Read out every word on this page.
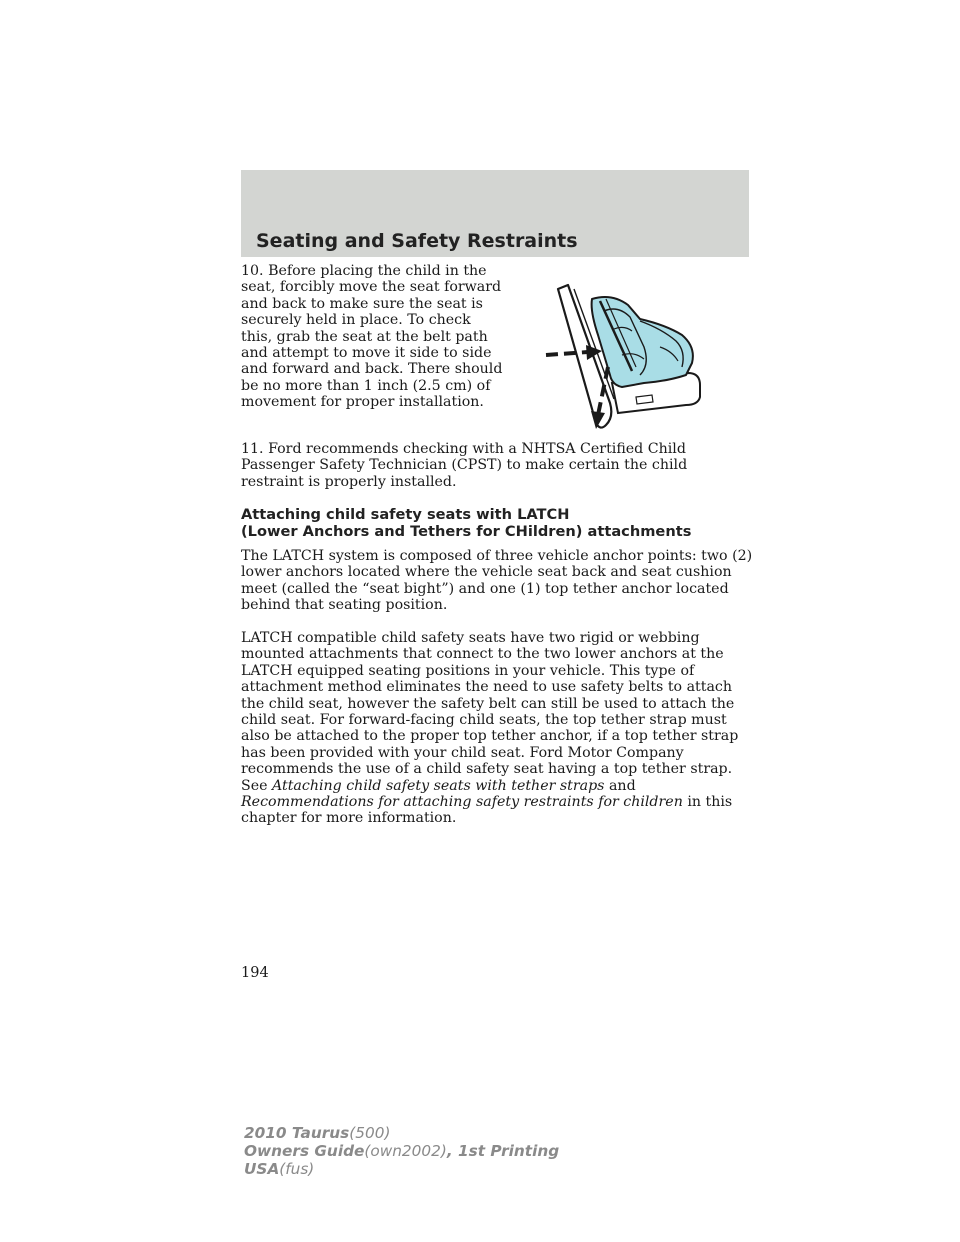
Seating and Safety Restraints

10. Before placing the child in the seat, forcibly move the seat forward and back to make sure the seat is securely held in place. To check this, grab the seat at the belt path and attempt to move it side to side and forward and back. There should be no more than 1 inch (2.5 cm) of movement for proper installation.

11. Ford recommends checking with a NHTSA Certified Child Passenger Safety Technician (CPST) to make certain the child restraint is properly installed.

Attaching child safety seats with LATCH
(Lower Anchors and Tethers for CHildren) attachments

The LATCH system is composed of three vehicle anchor points: two (2) lower anchors located where the vehicle seat back and seat cushion meet (called the “seat bight”) and one (1) top tether anchor located behind that seating position.

LATCH compatible child safety seats have two rigid or webbing mounted attachments that connect to the two lower anchors at the LATCH equipped seating positions in your vehicle. This type of attachment method eliminates the need to use safety belts to attach the child seat, however the safety belt can still be used to attach the child seat. For forward-facing child seats, the top tether strap must also be attached to the proper top tether anchor, if a top tether strap has been provided with your child seat. Ford Motor Company recommends the use of a child safety seat having a top tether strap. See Attaching child safety seats with tether straps and Recommendations for attaching safety restraints for children in this chapter for more information.

194

2010 Taurus(500)
Owners Guide(own2002), 1st Printing
USA(fus)
